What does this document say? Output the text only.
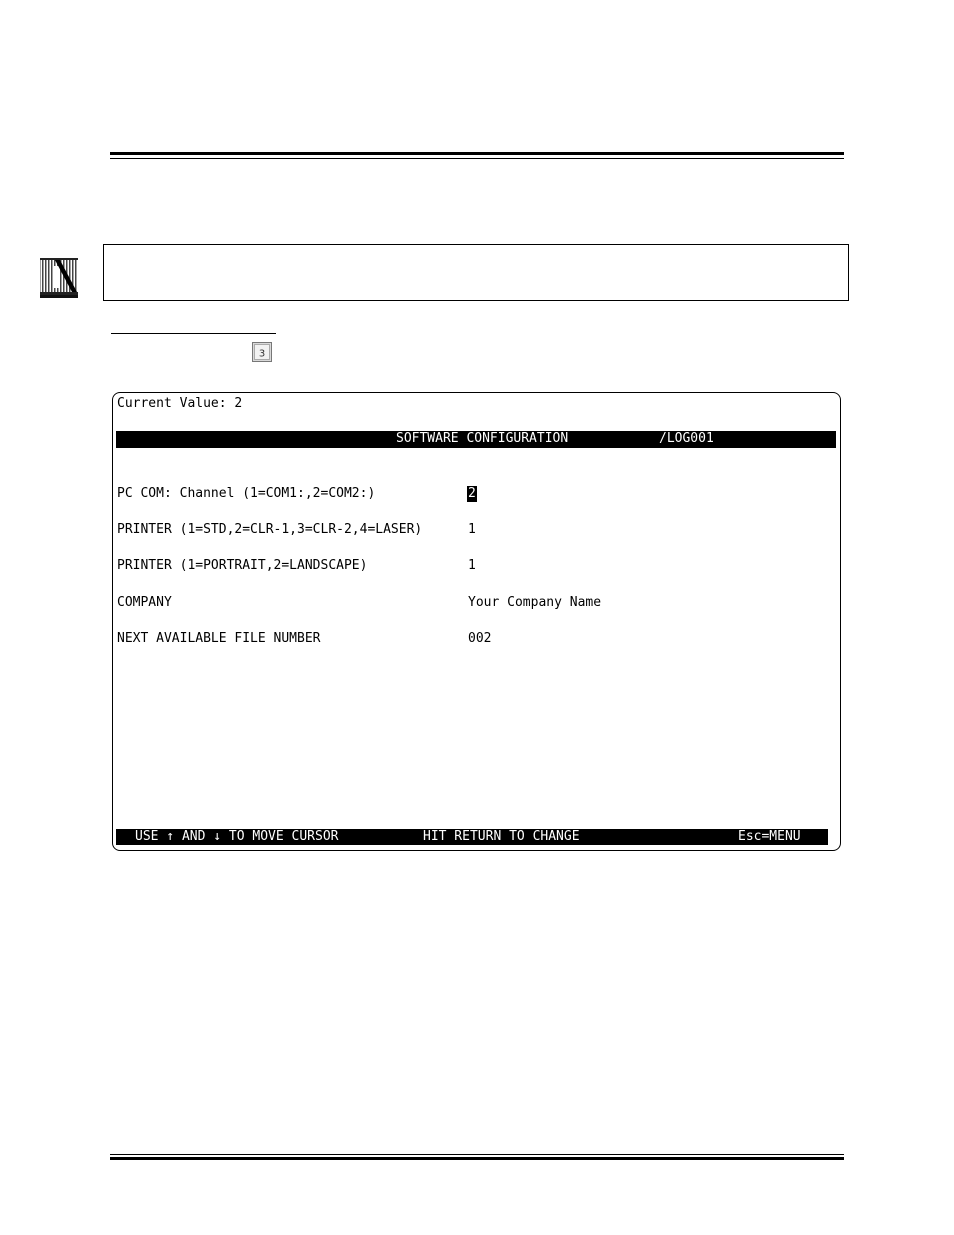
3
Current Value: 2
SOFTWARE CONFIGURATION	/LOG001
PC COM: Channel (1=COM1:,2=COM2:)	2
PRINTER (1=STD,2=CLR-1,3=CLR-2,4=LASER)	1
PRINTER (1=PORTRAIT,2=LANDSCAPE)	1
COMPANY	Your Company Name
NEXT AVAILABLE FILE NUMBER	002
USE ↑ AND ↓ TO MOVE CURSOR	HIT RETURN TO CHANGE	Esc=MENU
